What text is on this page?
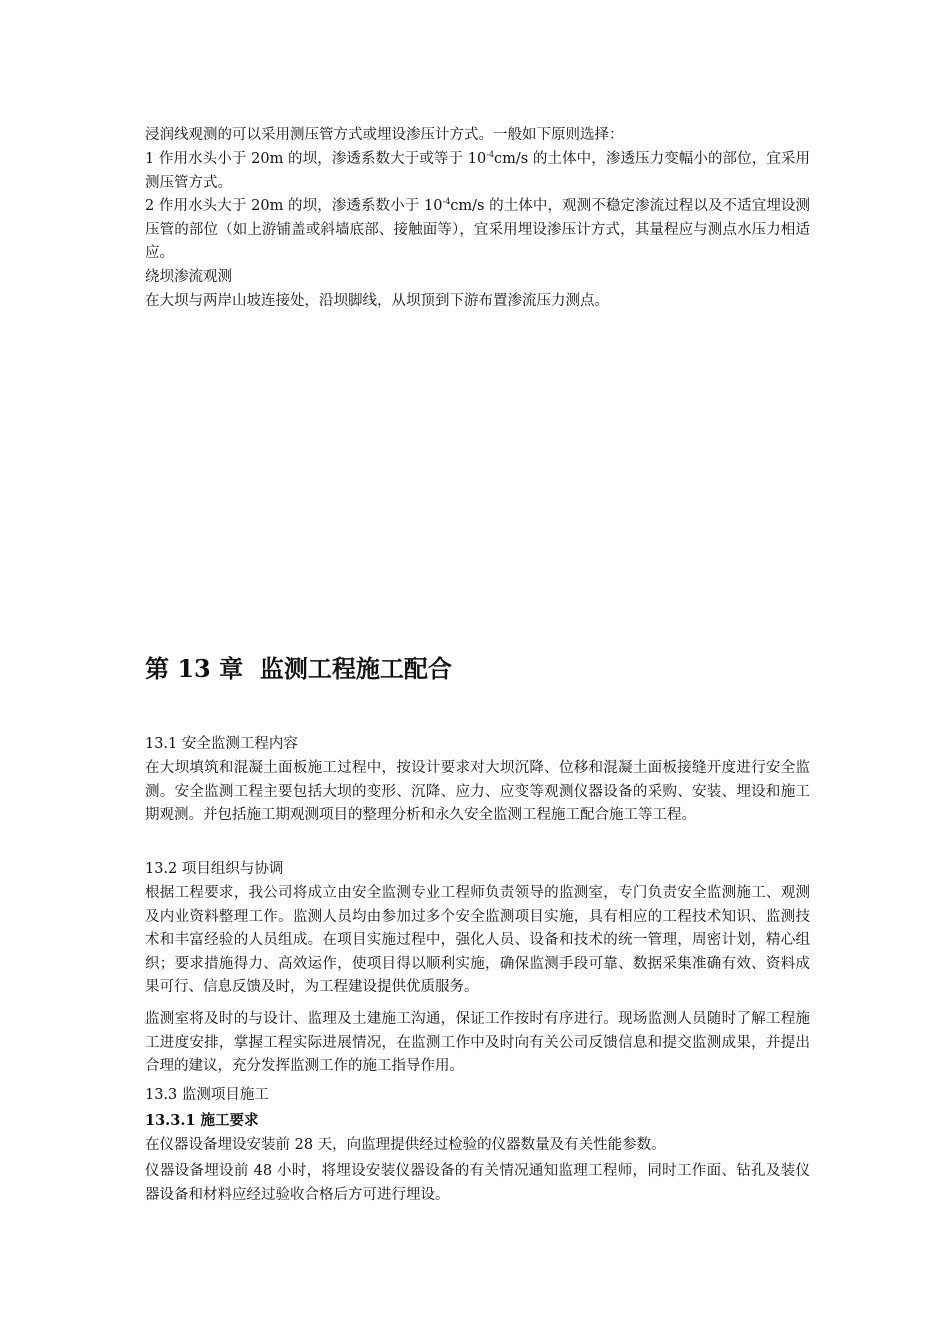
浸润线观测的可以采用测压管方式或埋设渗压计方式。一般如下原则选择：

1 作用水头小于 20m 的坝，渗透系数大于或等于 $10^{-4}cm/s$ 的土体中，渗透压力变幅小的部位，宜采用测压管方式。

2 作用水头大于 20m 的坝，渗透系数小于 $10^{-4}cm/s$ 的土体中，观测不稳定渗流过程以及不适宜埋设测压管的部位（如上游铺盖或斜墙底部、接触面等），宜采用埋设渗压计方式，其量程应与测点水压力相适应。

绕坝渗流观测

在大坝与两岸山坡连接处，沿坝脚线，从坝顶到下游布置渗流压力测点。

第 13 章  监测工程施工配合

13.1 安全监测工程内容

在大坝填筑和混凝土面板施工过程中，按设计要求对大坝沉降、位移和混凝土面板接缝开度进行安全监测。安全监测工程主要包括大坝的变形、沉降、应力、应变等观测仪器设备的采购、安装、埋设和施工期观测。并包括施工期观测项目的整理分析和永久安全监测工程施工配合施工等工程。

13.2 项目组织与协调

根据工程要求，我公司将成立由安全监测专业工程师负责领导的监测室，专门负责安全监测施工、观测及内业资料整理工作。监测人员均由参加过多个安全监测项目实施，具有相应的工程技术知识、监测技术和丰富经验的人员组成。在项目实施过程中，强化人员、设备和技术的统一管理，周密计划，精心组织；要求措施得力、高效运作，使项目得以顺利实施，确保监测手段可靠、数据采集准确有效、资料成果可行、信息反馈及时，为工程建设提供优质服务。

监测室将及时的与设计、监理及土建施工沟通，保证工作按时有序进行。现场监测人员随时了解工程施工进度安排，掌握工程实际进展情况，在监测工作中及时向有关公司反馈信息和提交监测成果，并提出合理的建议，充分发挥监测工作的施工指导作用。

13.3 监测项目施工

13.3.1 施工要求

在仪器设备埋设安装前 28 天，向监理提供经过检验的仪器数量及有关性能参数。

仪器设备埋设前 48 小时，将埋设安装仪器设备的有关情况通知监理工程师，同时工作面、钻孔及装仪器设备和材料应经过验收合格后方可进行埋设。
